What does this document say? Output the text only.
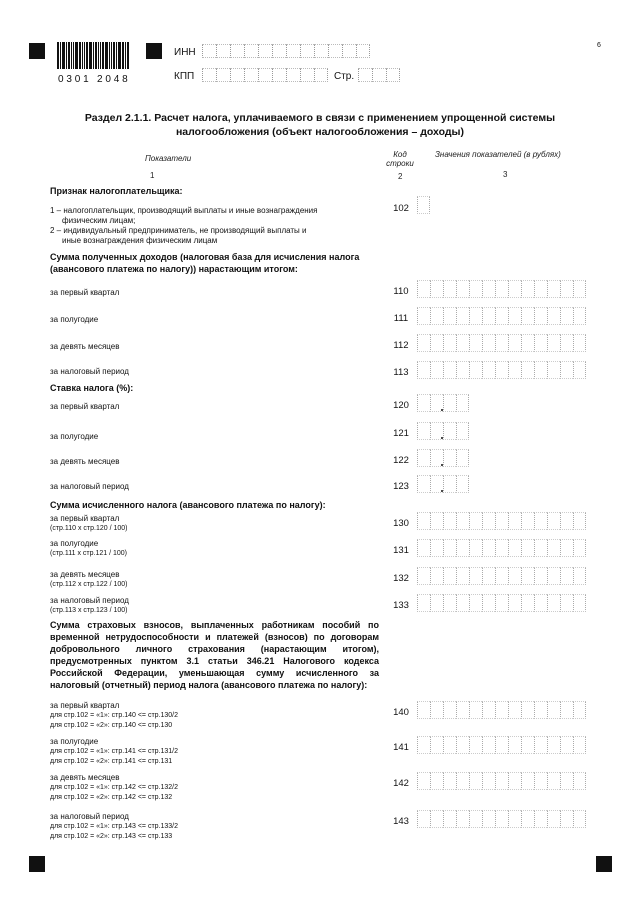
0301 2048
ИНН
КПП	Стр.
6
Раздел 2.1.1. Расчет налога, уплачиваемого в связи с применением упрощенной системы
налогообложения (объект налогообложения – доходы)
Показатели	Код строки
Значения показателей (в рублях)
1	2	3
Признак налогоплательщика:
1 – налогоплательщик, производящий выплаты и иные вознаграждения
физическим лицам;
2 – индивидуальный предприниматель, не производящий выплаты и
иные вознаграждения физическим лицам
102
Сумма полученных доходов (налоговая база для исчисления налога (авансового платежа по налогу)) нарастающим итогом:
за первый квартал	110
за полугодие	111
за девять месяцев	112
за налоговый период	113
Ставка налога (%):
за первый квартал	120
за полугодие	121
за девять месяцев	122
за налоговый период	123
Сумма исчисленного налога (авансового платежа по налогу):
за первый квартал
(стр.110 х стр.120 / 100)	130
за полугодие
(стр.111 х стр.121 / 100)	131
за девять месяцев
(стр.112 х стр.122 / 100)
132
за налоговый период
(стр.113 х стр.123 / 100)	133
Сумма страховых взносов, выплаченных работникам пособий по временной нетрудоспособности и платежей (взносов) по договорам добровольного личного страхования (нарастающим итогом), предусмотренных пунктом 3.1 статьи 346.21 Налогового кодекса Российской Федерации, уменьшающая сумму исчисленного за налоговый (отчетный) период налога (авансового платежа по налогу):
за первый квартал
для стр.102 = «1»: стр.140 <= стр.130/2
для стр.102 = «2»: стр.140 <= стр.130
140
за полугодие
для стр.102 = «1»: стр.141 <= стр.131/2
для стр.102 = «2»: стр.141 <= стр.131
141
за девять месяцев
для стр.102 = «1»: стр.142 <= стр.132/2
для стр.102 = «2»: стр.142 <= стр.132
142
за налоговый период
для стр.102 = «1»: стр.143 <= стр.133/2
для стр.102 = «2»: стр.143 <= стр.133
143
